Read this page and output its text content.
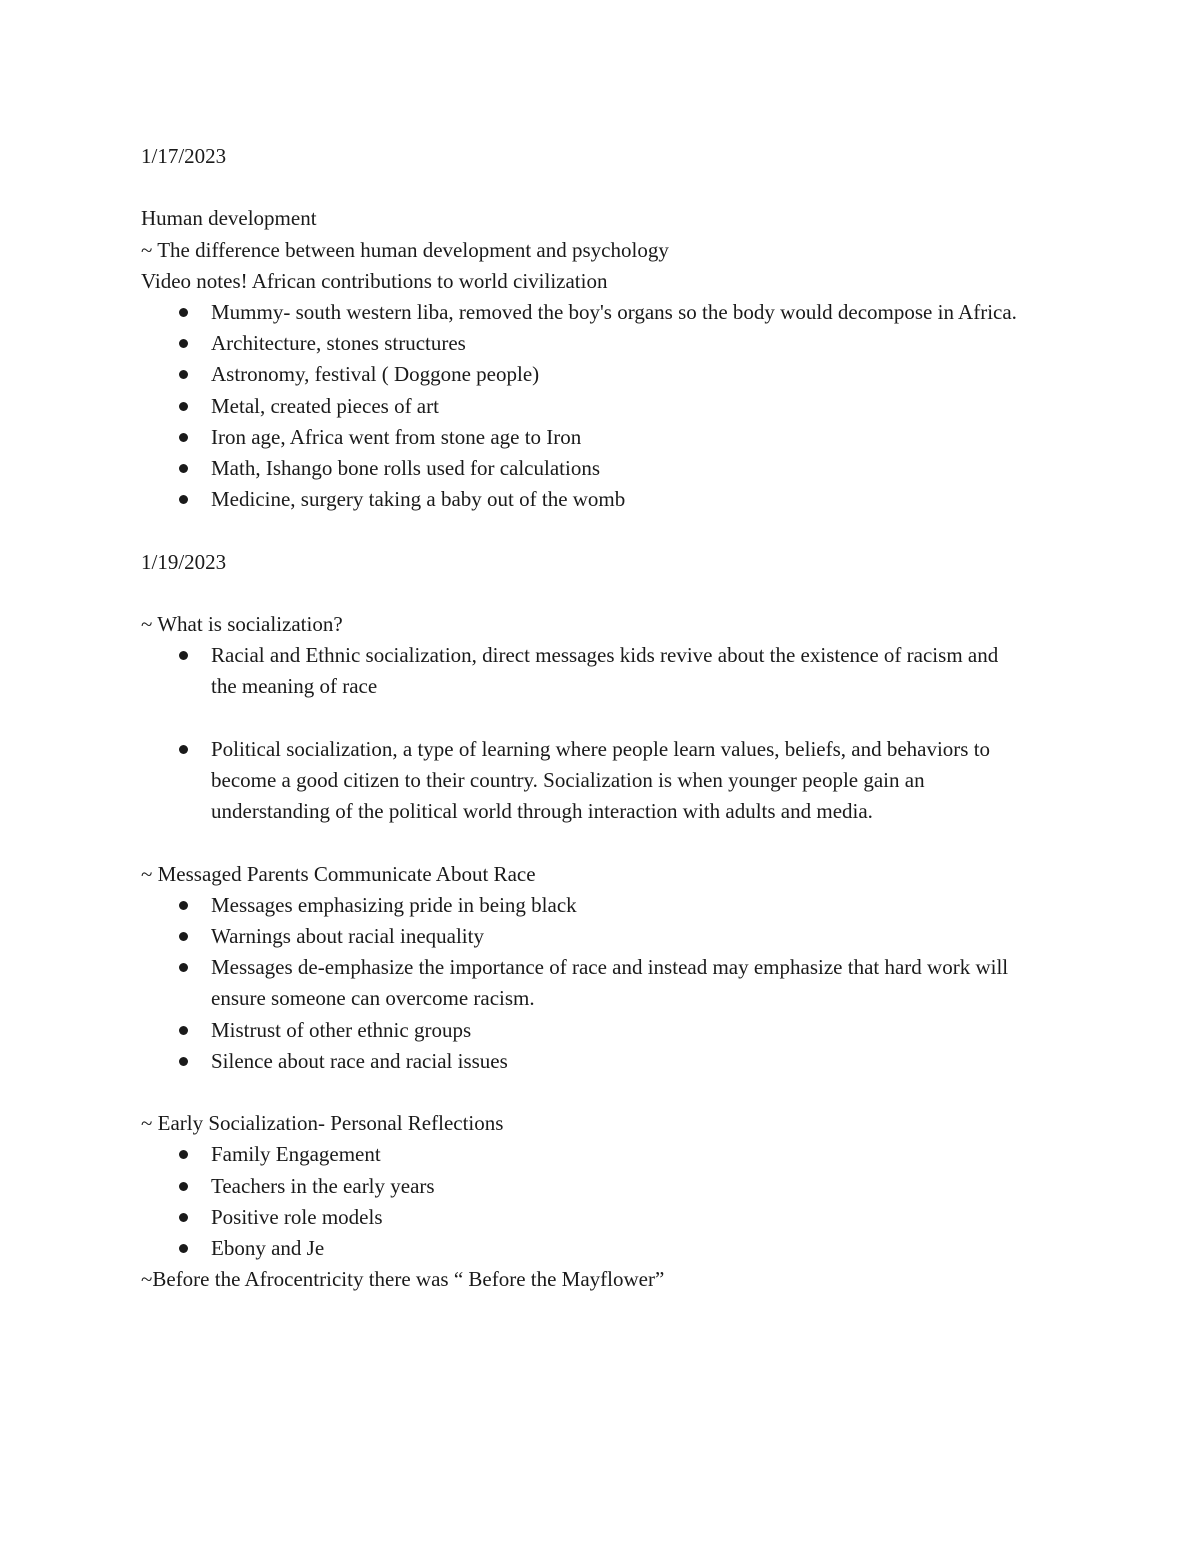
1/17/2023

Human development

~ The difference between human development and psychology

Video notes! African contributions to world civilization

Mummy- south western liba, removed the boy's organs so the body would decompose in Africa.
Architecture, stones structures
Astronomy, festival ( Doggone people)
Metal, created pieces of art
Iron age, Africa went from stone age to Iron
Math, Ishango bone rolls used for calculations
Medicine, surgery taking a baby out of the womb

1/19/2023

~ What is socialization?

Racial and Ethnic socialization, direct messages kids revive about the existence of racism and the meaning of race
Political socialization, a type of learning where people learn values, beliefs, and behaviors to become a good citizen to their country. Socialization is when younger people gain an understanding of the political world through interaction with adults and media.

~ Messaged Parents Communicate About Race

Messages emphasizing pride in being black
Warnings about racial inequality
Messages de-emphasize the importance of race and instead may emphasize that hard work will ensure someone can overcome racism.
Mistrust of other ethnic groups
Silence about race and racial issues

~ Early Socialization- Personal Reflections

Family Engagement
Teachers in the early years
Positive role models
Ebony and Je

~Before the Afrocentricity there was “ Before the Mayflower”
